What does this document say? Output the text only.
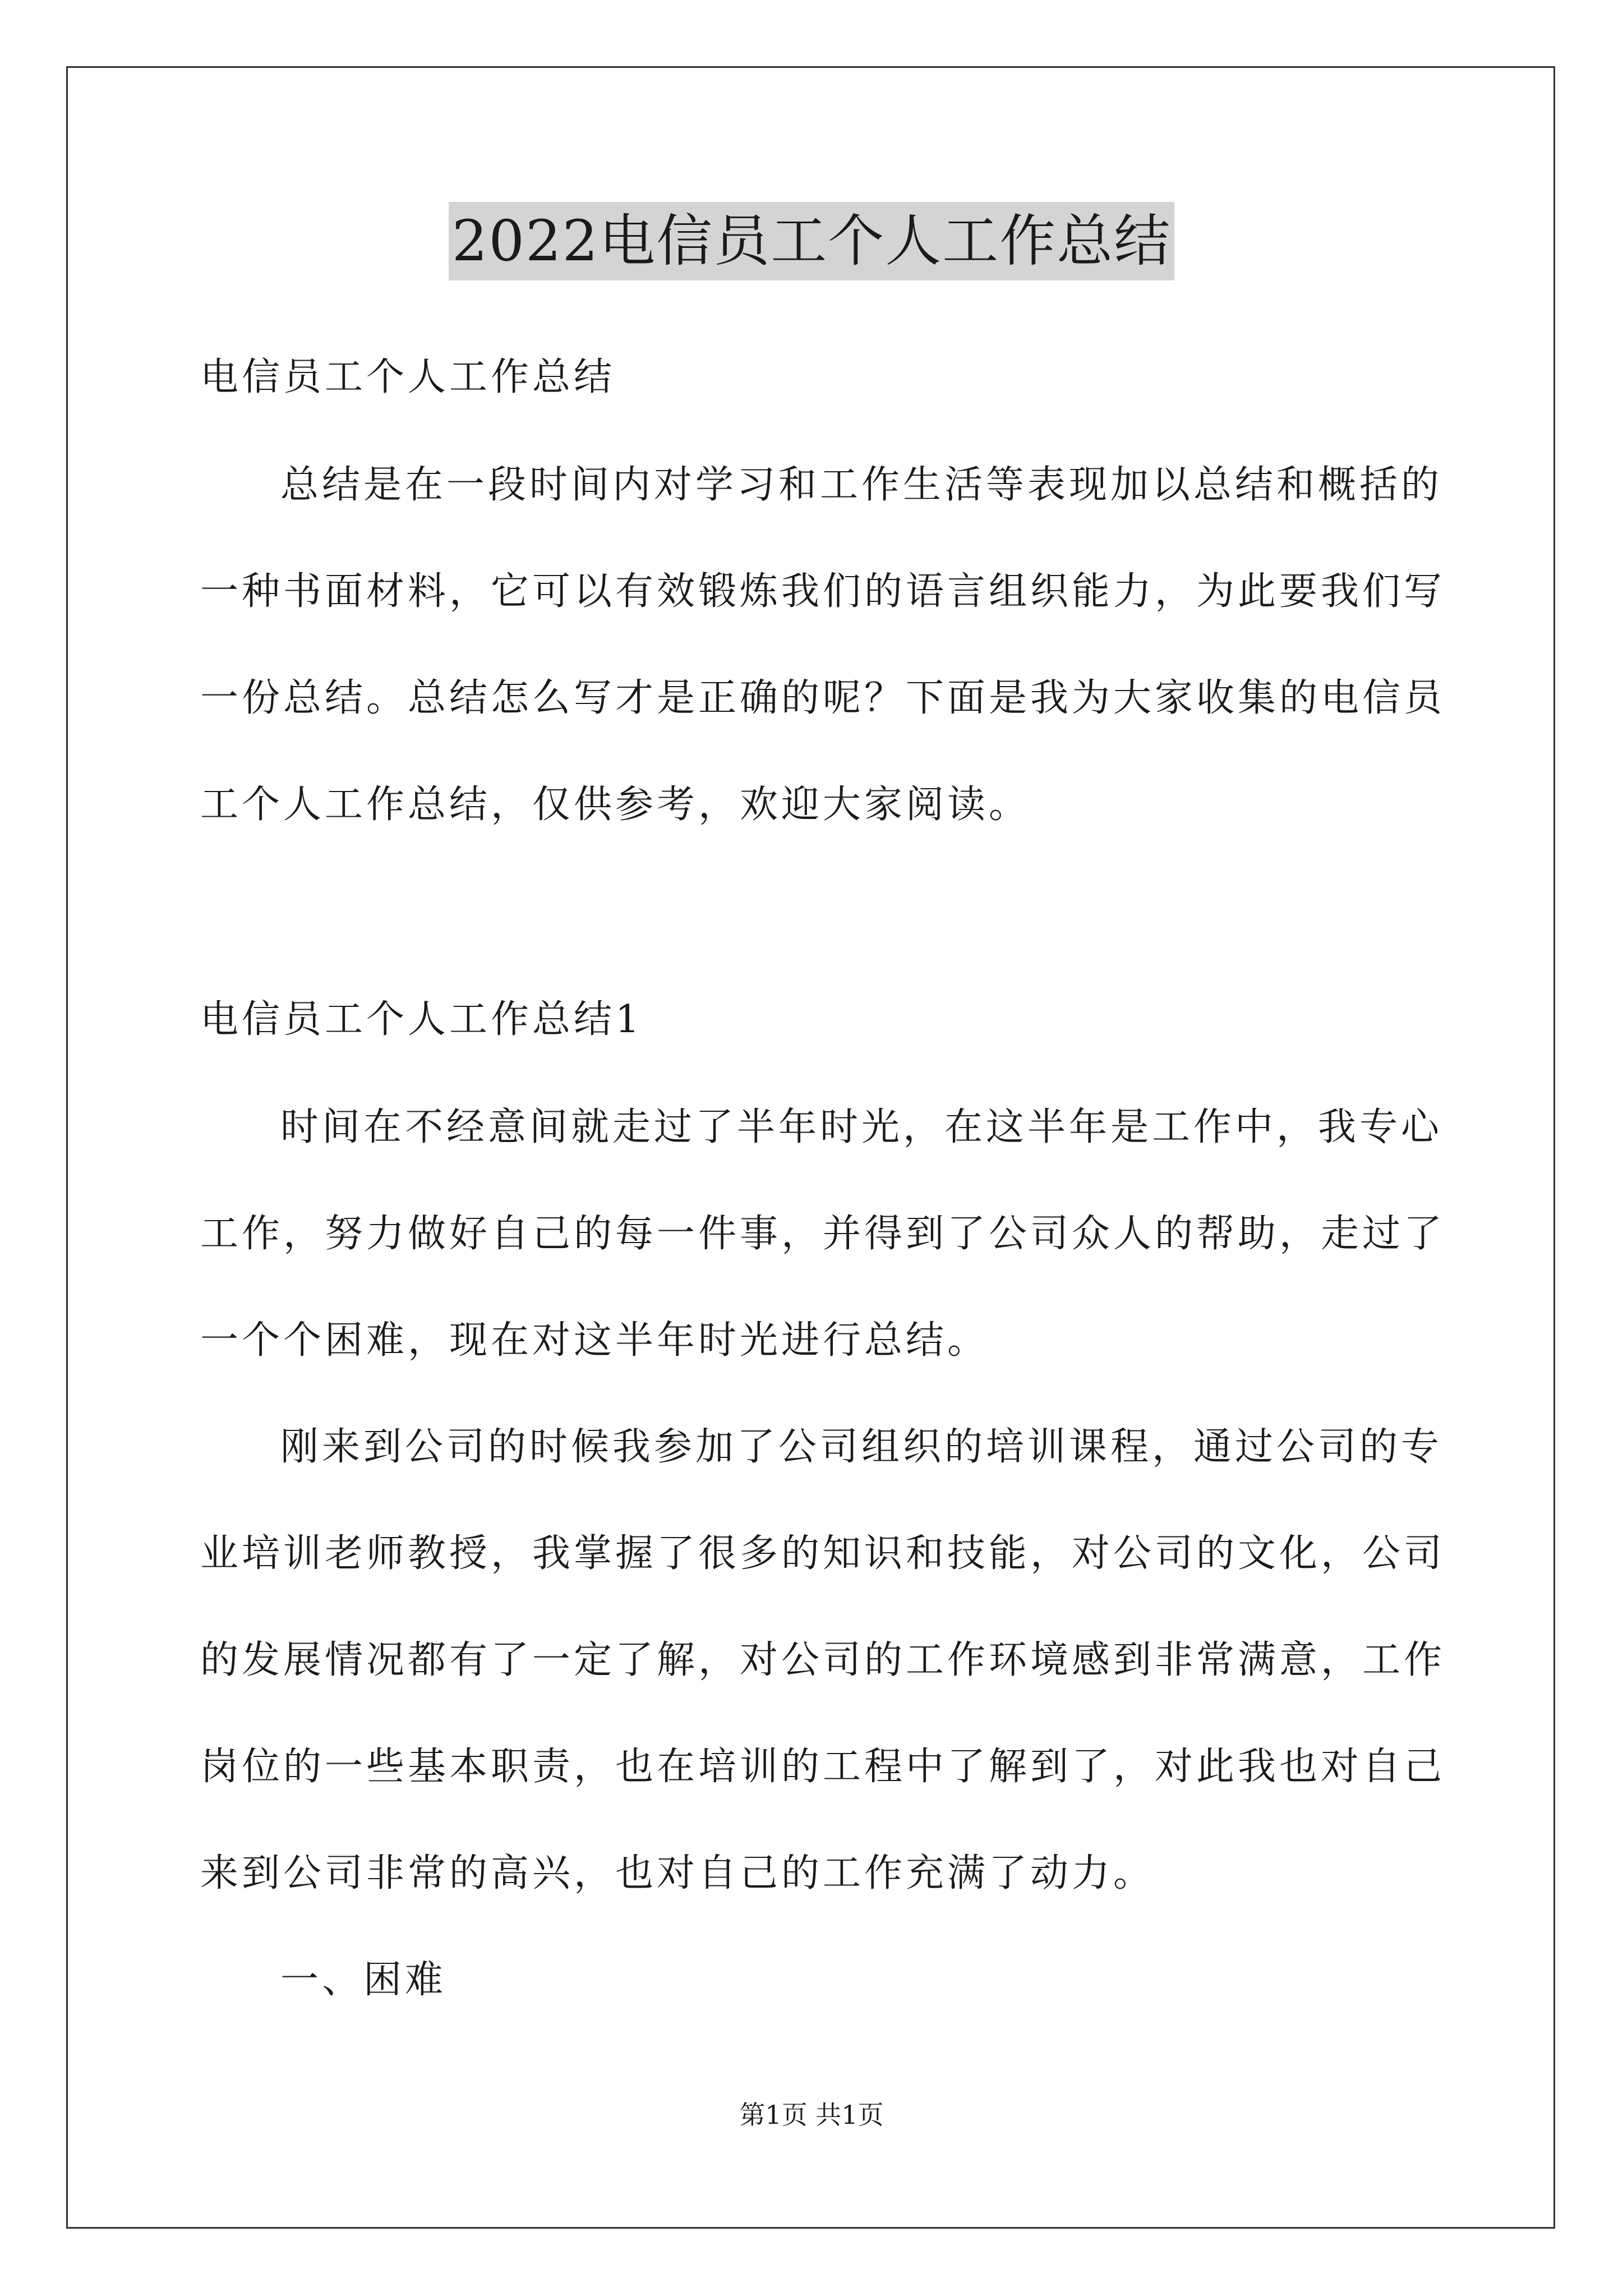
2022电信员工个人工作总结
电信员工个人工作总结
总结是在一段时间内对学习和工作生活等表现加以总结和概括的
一种书面材料，它可以有效锻炼我们的语言组织能力，为此要我们写
一份总结。总结怎么写才是正确的呢？下面是我为大家收集的电信员
工个人工作总结，仅供参考，欢迎大家阅读。
电信员工个人工作总结1
时间在不经意间就走过了半年时光，在这半年是工作中，我专心
工作，努力做好自己的每一件事，并得到了公司众人的帮助，走过了
一个个困难，现在对这半年时光进行总结。
刚来到公司的时候我参加了公司组织的培训课程，通过公司的专
业培训老师教授，我掌握了很多的知识和技能，对公司的文化，公司
的发展情况都有了一定了解，对公司的工作环境感到非常满意，工作
岗位的一些基本职责，也在培训的工程中了解到了，对此我也对自己
来到公司非常的高兴，也对自己的工作充满了动力。
一、困难
第1页 共1页
